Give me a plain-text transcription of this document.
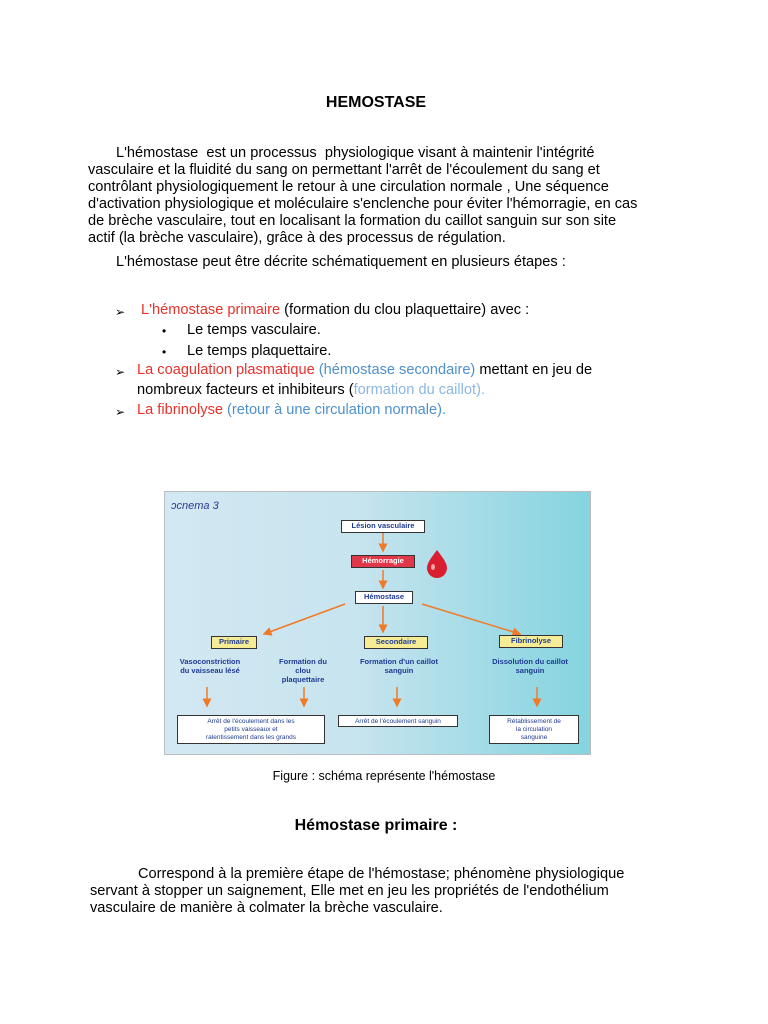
HEMOSTASE
L'hémostase  est un processus  physiologique visant à maintenir l'intégrité
vasculaire et la fluidité du sang on permettant l'arrêt de l'écoulement du sang et
contrôlant physiologiquement le retour à une circulation normale , Une séquence
d'activation physiologique et moléculaire s'enclenche pour éviter l'hémorragie, en cas
de brèche vasculaire, tout en localisant la formation du caillot sanguin sur son site
actif (la brèche vasculaire), grâce à des processus de régulation.
L'hémostase peut être décrite schématiquement en plusieurs étapes :
➢ L'hémostase primaire (formation du clou plaquettaire) avec :
• Le temps vasculaire.
• Le temps plaquettaire.
➢ La coagulation plasmatique (hémostase secondaire) mettant en jeu de
nombreux facteurs et inhibiteurs (formation du caillot).
➢ La fibrinolyse (retour à une circulation normale).
ɔcnema 3
Lésion vasculaire
Hémorragie
Hémostase
Primaire	Secondaire	Fibrinolyse
Vasoconstriction
du vaisseau lésé
Formation du
clou
plaquettaire
Formation d'un caillot
sanguin
Dissolution du caillot
sanguin
Arrêt de l'écoulement dans les
petits vaisseaux et
ralentissement dans les grands
Arrêt de l'écoulement sanguin	Rétablissement de
la circulation
sanguine
Figure : schéma représente l'hémostase
Hémostase primaire :
Correspond à la première étape de l'hémostase; phénomène physiologique
servant à stopper un saignement, Elle met en jeu les propriétés de l'endothélium
vasculaire de manière à colmater la brèche vasculaire.
